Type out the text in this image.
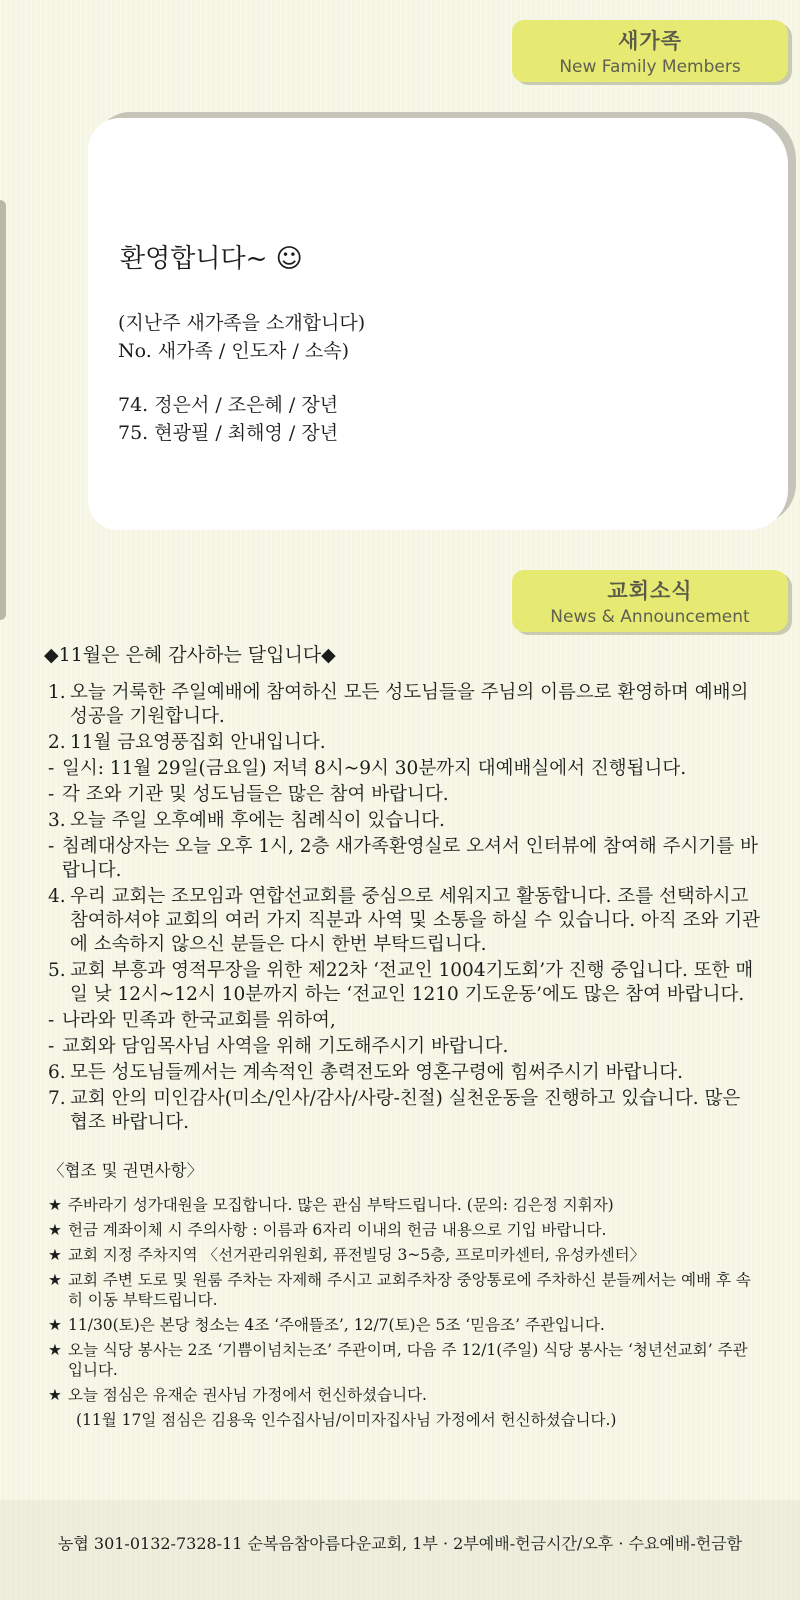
새가족
New Family Members
환영합니다~ ☺
(지난주 새가족을 소개합니다)
No. 새가족 / 인도자 / 소속)
74. 정은서 / 조은혜 / 장년
75. 현광필 / 최해영 / 장년
교회소식
News & Announcement
◆11월은 은혜 감사하는 달입니다◆
1. 오늘 거룩한 주일예배에 참여하신 모든 성도님들을 주님의 이름으로 환영하며 예배의 성공을 기원합니다.
2. 11월 금요영풍집회 안내입니다.
- 일시: 11월 29일(금요일) 저녁 8시~9시 30분까지 대예배실에서 진행됩니다.
- 각 조와 기관 및 성도님들은 많은 참여 바랍니다.
3. 오늘 주일 오후예배 후에는 침례식이 있습니다.
- 침례대상자는 오늘 오후 1시, 2층 새가족환영실로 오셔서 인터뷰에 참여해 주시기를 바랍니다.
4. 우리 교회는 조모임과 연합선교회를 중심으로 세워지고 활동합니다. 조를 선택하시고 참여하셔야 교회의 여러 가지 직분과 사역 및 소통을 하실 수 있습니다. 아직 조와 기관에 소속하지 않으신 분들은 다시 한번 부탁드립니다.
5. 교회 부흥과 영적무장을 위한 제22차 ‘전교인 1004기도회’가 진행 중입니다. 또한 매일 낮 12시~12시 10분까지 하는 ‘전교인 1210 기도운동’에도 많은 참여 바랍니다.
- 나라와 민족과 한국교회를 위하여,
- 교회와 담임목사님 사역을 위해 기도해주시기 바랍니다.
6. 모든 성도님들께서는 계속적인 총력전도와 영혼구령에 힘써주시기 바랍니다.
7. 교회 안의 미인감사(미소/인사/감사/사랑-친절) 실천운동을 진행하고 있습니다. 많은 협조 바랍니다.
〈협조 및 권면사항〉
★ 주바라기 성가대원을 모집합니다. 많은 관심 부탁드립니다. (문의: 김은정 지휘자)
★ 헌금 계좌이체 시 주의사항 : 이름과 6자리 이내의 헌금 내용으로 기입 바랍니다.
★ 교회 지정 주차지역 〈선거관리위원회, 퓨전빌딩 3~5층, 프로미카센터, 유성카센터〉
★ 교회 주변 도로 및 원룸 주차는 자제해 주시고 교회주차장 중앙통로에 주차하신 분들께서는 예배 후 속히 이동 부탁드립니다.
★ 11/30(토)은 본당 청소는 4조 ‘주애뜰조’, 12/7(토)은 5조 ‘믿음조’ 주관입니다.
★ 오늘 식당 봉사는 2조 ‘기쁨이넘치는조’ 주관이며, 다음 주 12/1(주일) 식당 봉사는 ‘청년선교회’ 주관입니다.
★ 오늘 점심은 유재순 권사님 가정에서 헌신하셨습니다.
(11월 17일 점심은 김용욱 인수집사님/이미자집사님 가정에서 헌신하셨습니다.)
농협 301-0132-7328-11 순복음참아름다운교회, 1부 · 2부예배-헌금시간/오후 · 수요예배-헌금함
